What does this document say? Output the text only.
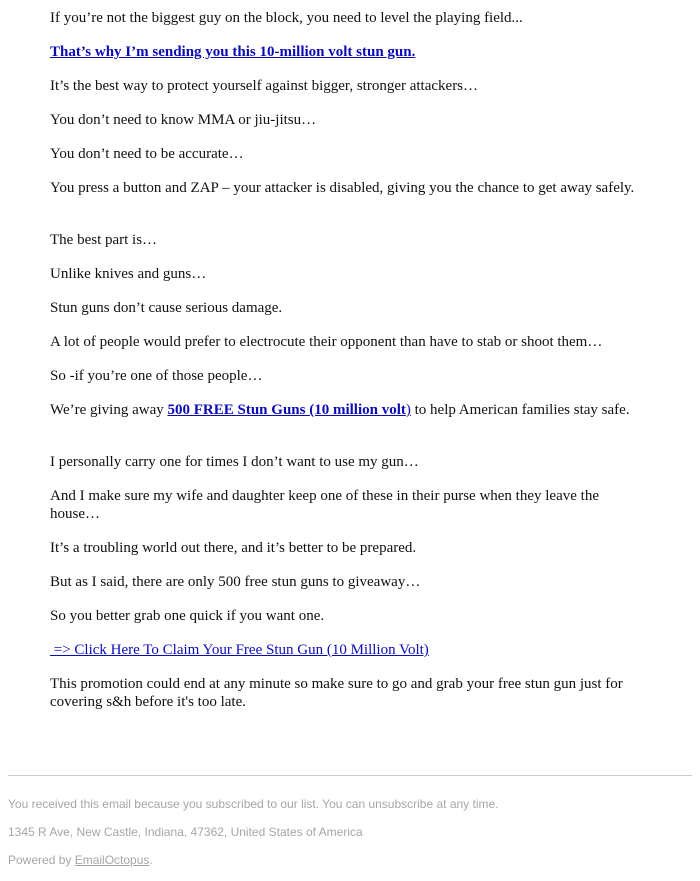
If you’re not the biggest guy on the block, you need to level the playing field...

That’s why I’m sending you this 10-million volt stun gun.

It’s the best way to protect yourself against bigger, stronger attackers…

You don’t need to know MMA or jiu-jitsu…

You don’t need to be accurate…

You press a button and ZAP – your attacker is disabled, giving you the chance to get away safely.

The best part is…

Unlike knives and guns…

Stun guns don’t cause serious damage.

A lot of people would prefer to electrocute their opponent than have to stab or shoot them…

So -if you’re one of those people…

We’re giving away 500 FREE Stun Guns (10 million volt) to help American families stay safe.

I personally carry one for times I don’t want to use my gun…

And I make sure my wife and daughter keep one of these in their purse when they leave the house…

It’s a troubling world out there, and it’s better to be prepared.

But as I said, there are only 500 free stun guns to giveaway…

So you better grab one quick if you want one.

=> Click Here To Claim Your Free Stun Gun (10 Million Volt)

This promotion could end at any minute so make sure to go and grab your free stun gun just for covering s&h before it's too late.

You received this email because you subscribed to our list. You can unsubscribe at any time.

1345 R Ave, New Castle, Indiana, 47362, United States of America

Powered by EmailOctopus.
